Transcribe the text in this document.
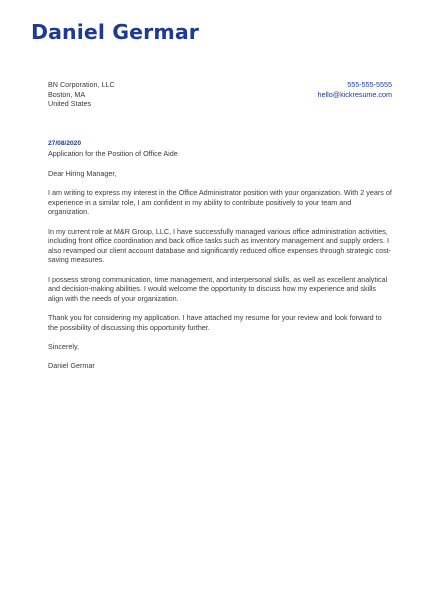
Daniel Germar
BN Corporation, LLC
Boston, MA
United States
555-555-5555
hello@kickresume.com
27/08/2020
Application for the Position of Office Aide

Dear Hiring Manager,

I am writing to express my interest in the Office Administrator position with your organization. With 2 years of experience in a similar role, I am confident in my ability to contribute positively to your team and organization.

In my current role at M&R Group, LLC, I have successfully managed various office administration activities, including front office coordination and back office tasks such as inventory management and supply orders. I also revamped our client account database and significantly reduced office expenses through strategic cost-saving measures.

I possess strong communication, time management, and interpersonal skills, as well as excellent analytical and decision-making abilities. I would welcome the opportunity to discuss how my experience and skills align with the needs of your organization.

Thank you for considering my application. I have attached my resume for your review and look forward to the possibility of discussing this opportunity further.

Sincerely,

Daniel Germar
